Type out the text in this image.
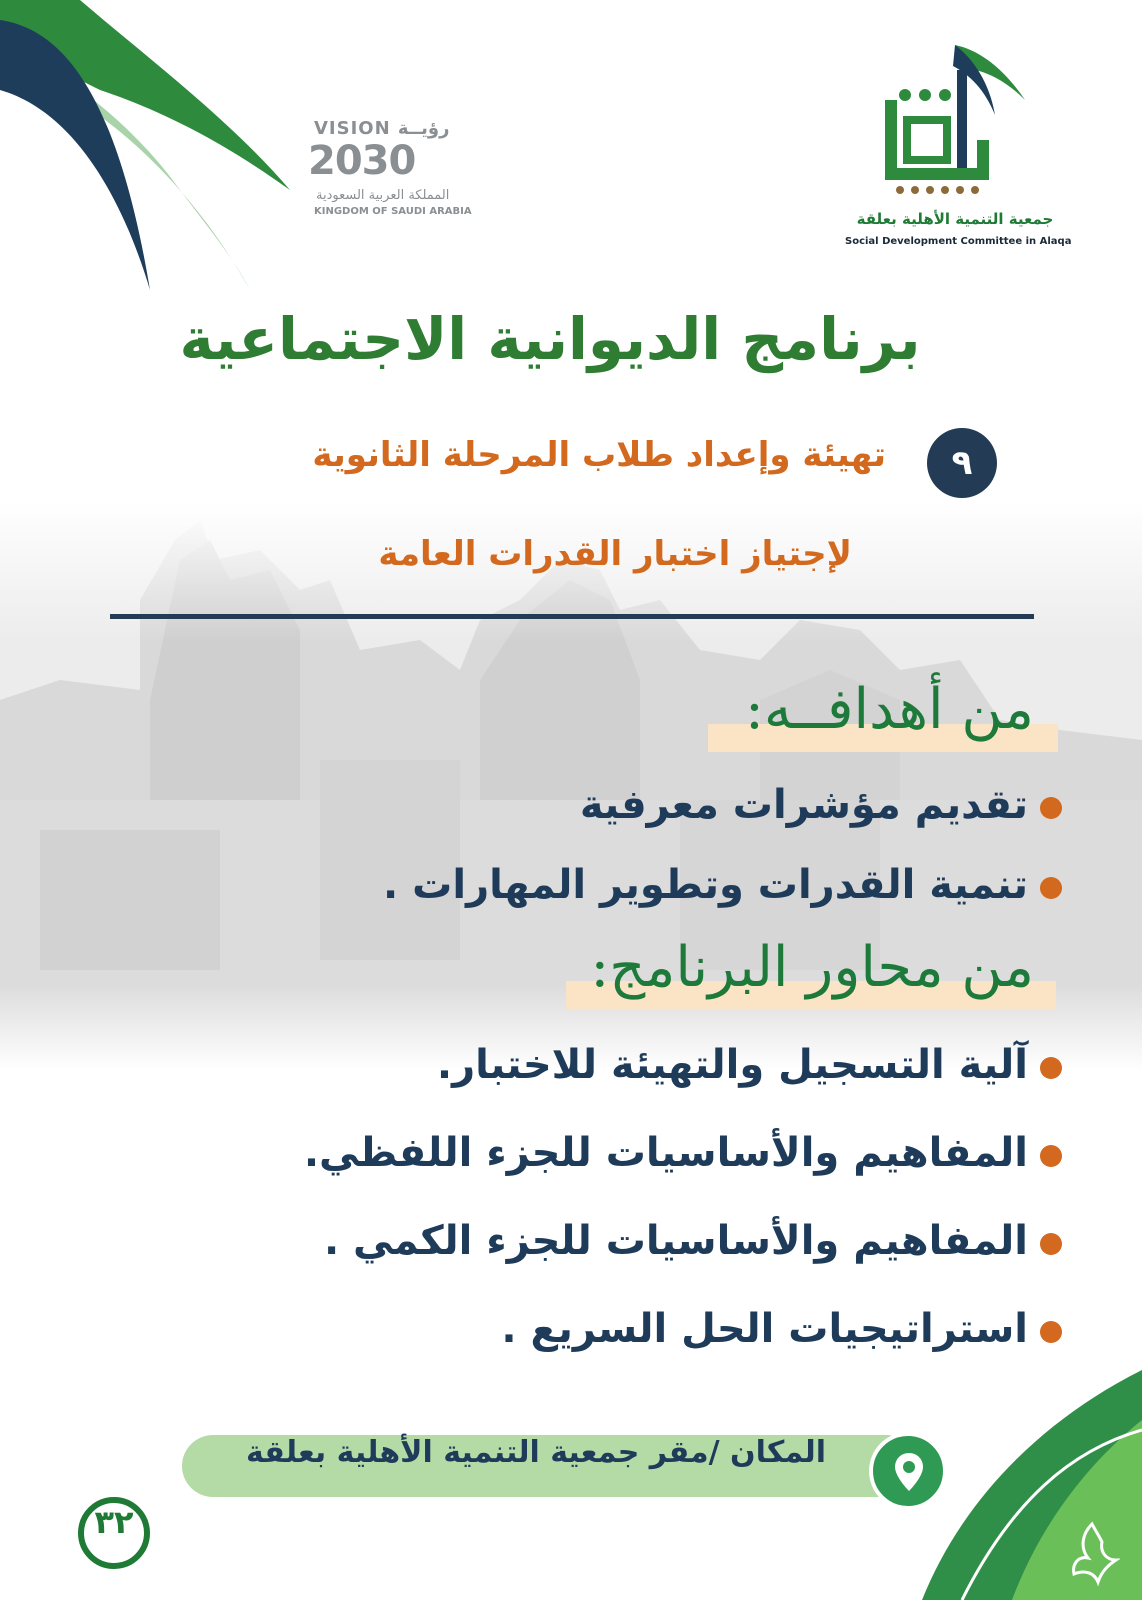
VISION رؤيــة
2030
المملكة العربية السعودية
KINGDOM OF SAUDI ARABIA	جمعية التنمية الأهلية بعلقة
Social Development Committee in Alaqa
برنامج الديوانية الاجتماعية
٩
تهيئة وإعداد طلاب المرحلة الثانوية
لإجتياز اختبار القدرات العامة
من أهدافــه:
تقديم مؤشرات معرفية
تنمية القدرات وتطوير المهارات .
من محاور البرنامج:
آلية التسجيل والتهيئة للاختبار.
المفاهيم والأساسيات للجزء اللفظي.
المفاهيم والأساسيات للجزء الكمي .
استراتيجيات الحل السريع .
المكان /مقر جمعية التنمية الأهلية بعلقة
٣٢
